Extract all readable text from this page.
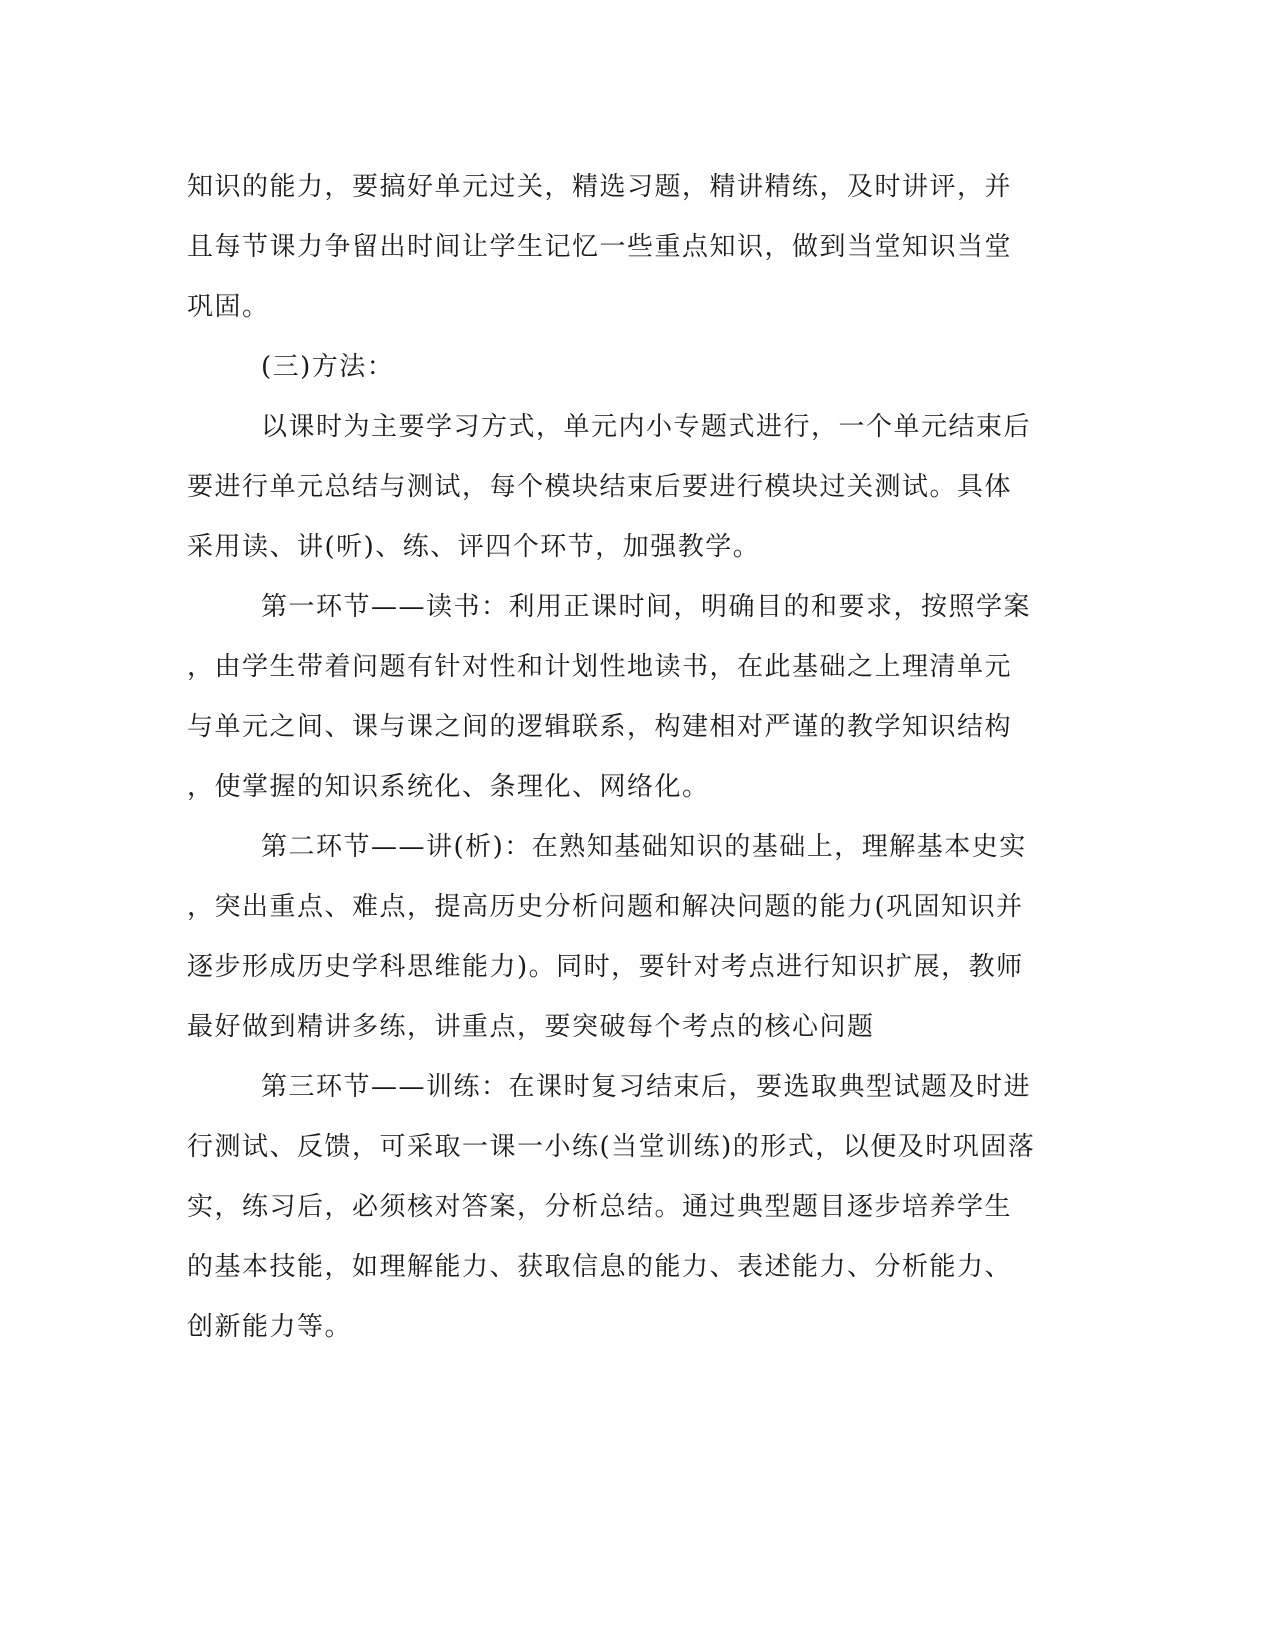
知识的能力，要搞好单元过关，精选习题，精讲精练，及时讲评，并
且每节课力争留出时间让学生记忆一些重点知识，做到当堂知识当堂
巩固。
(三)方法：
以课时为主要学习方式，单元内小专题式进行，一个单元结束后
要进行单元总结与测试，每个模块结束后要进行模块过关测试。具体
采用读、讲(听)、练、评四个环节，加强教学。
第一环节——读书：利用正课时间，明确目的和要求，按照学案
，由学生带着问题有针对性和计划性地读书，在此基础之上理清单元
与单元之间、课与课之间的逻辑联系，构建相对严谨的教学知识结构
，使掌握的知识系统化、条理化、网络化。
第二环节——讲(析)：在熟知基础知识的基础上，理解基本史实
，突出重点、难点，提高历史分析问题和解决问题的能力(巩固知识并
逐步形成历史学科思维能力)。同时，要针对考点进行知识扩展，教师
最好做到精讲多练，讲重点，要突破每个考点的核心问题
第三环节——训练：在课时复习结束后，要选取典型试题及时进
行测试、反馈，可采取一课一小练(当堂训练)的形式，以便及时巩固落
实，练习后，必须核对答案，分析总结。通过典型题目逐步培养学生
的基本技能，如理解能力、获取信息的能力、表述能力、分析能力、
创新能力等。
